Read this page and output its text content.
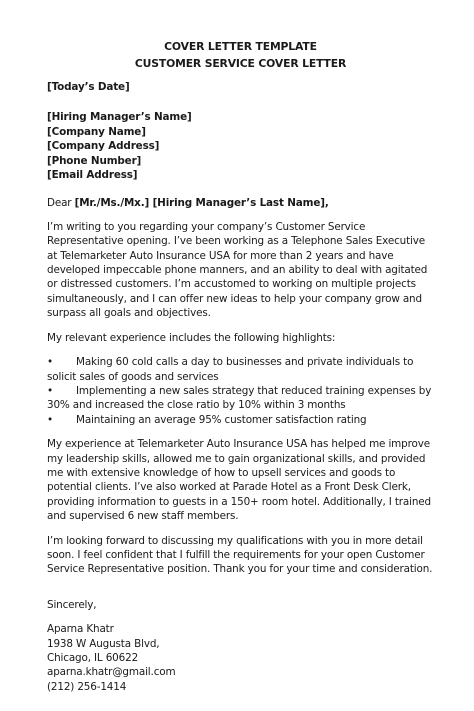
COVER LETTER TEMPLATE
CUSTOMER SERVICE COVER LETTER
[Today’s Date]
[Hiring Manager’s Name]
[Company Name]
[Company Address]
[Phone Number]
[Email Address]
Dear [Mr./Ms./Mx.] [Hiring Manager’s Last Name],

I’m writing to you regarding your company’s Customer Service Representative opening. I’ve been working as a Telephone Sales Executive at Telemarketer Auto Insurance USA for more than 2 years and have developed impeccable phone manners, and an ability to deal with agitated or distressed customers. I’m accustomed to working on multiple projects simultaneously, and I can offer new ideas to help your company grow and surpass all goals and objectives.

My relevant experience includes the following highlights:

• Making 60 cold calls a day to businesses and private individuals to solicit sales of goods and services
• Implementing a new sales strategy that reduced training expenses by 30% and increased the close ratio by 10% within 3 months
• Maintaining an average 95% customer satisfaction rating

My experience at Telemarketer Auto Insurance USA has helped me improve my leadership skills, allowed me to gain organizational skills, and provided me with extensive knowledge of how to upsell services and goods to potential clients. I’ve also worked at Parade Hotel as a Front Desk Clerk, providing information to guests in a 150+ room hotel. Additionally, I trained and supervised 6 new staff members.

I’m looking forward to discussing my qualifications with you in more detail soon. I feel confident that I fulfill the requirements for your open Customer Service Representative position. Thank you for your time and consideration.

Sincerely,
Aparna Khatr
1938 W Augusta Blvd,
Chicago, IL 60622
aparna.khatr@gmail.com
(212) 256-1414
